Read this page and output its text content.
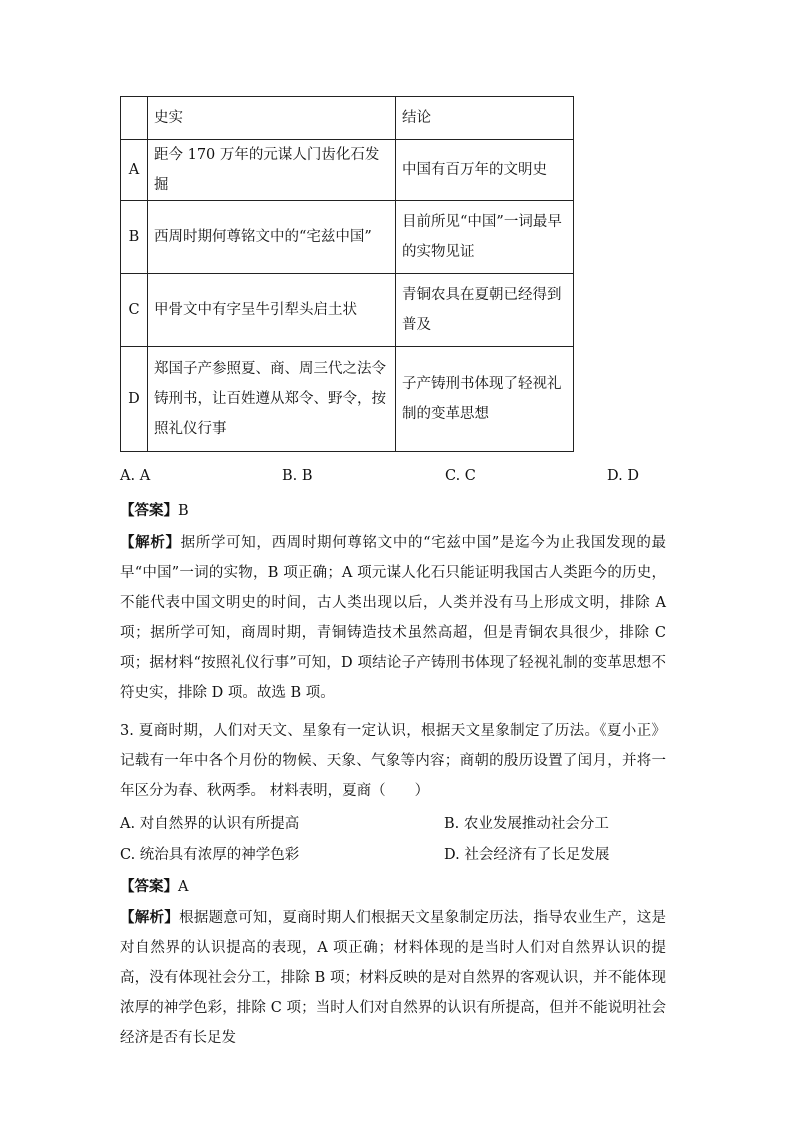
	史实	结论
A	距今 170 万年的元谋人门齿化石发掘	中国有百万年的文明史
B	西周时期何尊铭文中的“宅兹中国”	目前所见“中国”一词最早的实物见证
C	甲骨文中有字呈牛引犁头启土状	青铜农具在夏朝已经得到普及
D	郑国子产参照夏、商、周三代之法令铸刑书，让百姓遵从郑令、野令，按照礼仪行事	子产铸刑书体现了轻视礼制的变革思想
A. A	B. B	C. C	D. D
【答案】B
【解析】据所学可知，西周时期何尊铭文中的“宅兹中国”是迄今为止我国发现的最早“中国”一词的实物，B 项正确；A 项元谋人化石只能证明我国古人类距今的历史，不能代表中国文明史的时间，古人类出现以后，人类并没有马上形成文明，排除 A 项；据所学可知，商周时期，青铜铸造技术虽然高超，但是青铜农具很少，排除 C 项；据材料“按照礼仪行事”可知，D 项结论子产铸刑书体现了轻视礼制的变革思想不符史实，排除 D 项。故选 B 项。
3. 夏商时期，人们对天文、星象有一定认识，根据天文星象制定了历法。《夏小正》记载有一年中各个月份的物候、天象、气象等内容；商朝的殷历设置了闰月，并将一年区分为春、秋两季。 材料表明，夏商（　　）
A. 对自然界的认识有所提高	B. 农业发展推动社会分工
C. 统治具有浓厚的神学色彩	D. 社会经济有了长足发展
【答案】A
【解析】根据题意可知，夏商时期人们根据天文星象制定历法，指导农业生产，这是对自然界的认识提高的表现，A 项正确；材料体现的是当时人们对自然界认识的提高，没有体现社会分工，排除 B 项；材料反映的是对自然界的客观认识，并不能体现浓厚的神学色彩，排除 C 项；当时人们对自然界的认识有所提高，但并不能说明社会经济是否有长足发
